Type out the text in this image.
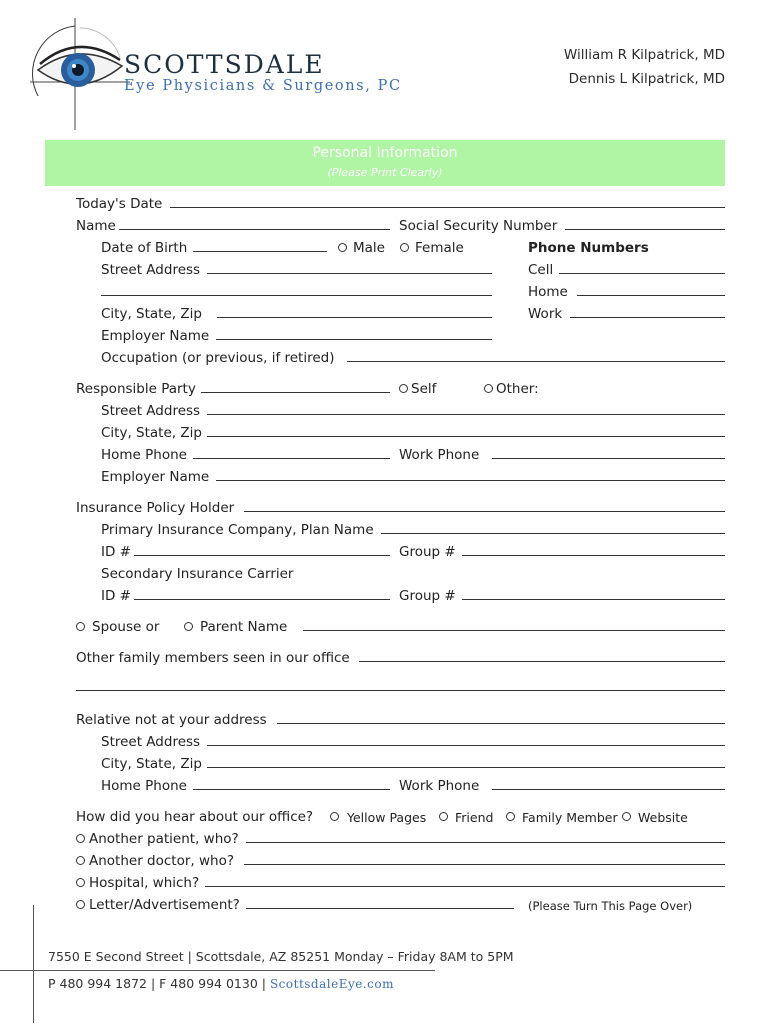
SCOTTSDALE
Eye Physicians & Surgeons, PC
William R Kilpatrick, MD
Dennis L Kilpatrick, MD
Personal Information
(Please Print Clearly)
Today's Date
Name	Social Security Number
Date of Birth	Male Female	Phone Numbers
Street Address	Cell
Home
City, State, Zip	Work
Employer Name
Occupation (or previous, if retired)
Responsible Party	Self	Other:
Street Address
City, State, Zip
Home Phone	Work Phone
Employer Name
Insurance Policy Holder
Primary Insurance Company, Plan Name
ID #	Group #
Secondary Insurance Carrier
ID #	Group #
Spouse or	Parent Name
Other family members seen in our office
Relative not at your address
Street Address
City, State, Zip
Home Phone	Work Phone
How did you hear about our office?	Yellow Pages Friend Family Member Website
Another patient, who?
Another doctor, who?
Hospital, which?
Letter/Advertisement?	(Please Turn This Page Over)
7550 E Second Street | Scottsdale, AZ 85251 Monday – Friday 8AM to 5PM
P 480 994 1872 | F 480 994 0130 | ScottsdaleEye.com
